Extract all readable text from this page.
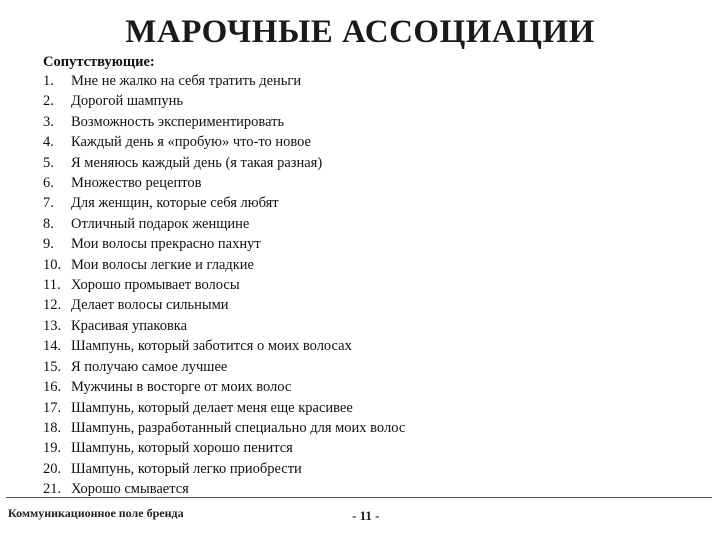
МАРОЧНЫЕ АССОЦИАЦИИ
Сопутствующие:
1.	Мне не жалко на себя тратить деньги
2.	Дорогой шампунь
3.	Возможность экспериментировать
4.	Каждый день я «пробую» что-то новое
5.	Я меняюсь каждый день (я такая разная)
6.	Множество рецептов
7.	Для женщин, которые себя любят
8.	Отличный подарок женщине
9.	Мои волосы прекрасно пахнут
10. Мои волосы легкие и гладкие
11. Хорошо промывает волосы
12. Делает волосы сильными
13. Красивая упаковка
14. Шампунь, который заботится о моих волосах
15. Я получаю самое лучшее
16. Мужчины в восторге от моих волос
17. Шампунь, который делает меня еще красивее
18. Шампунь, разработанный специально для моих волос
19. Шампунь, который хорошо пенится
20. Шампунь, который легко приобрести
21. Хорошо смывается
Коммуникационное поле бренда	- 11 -
